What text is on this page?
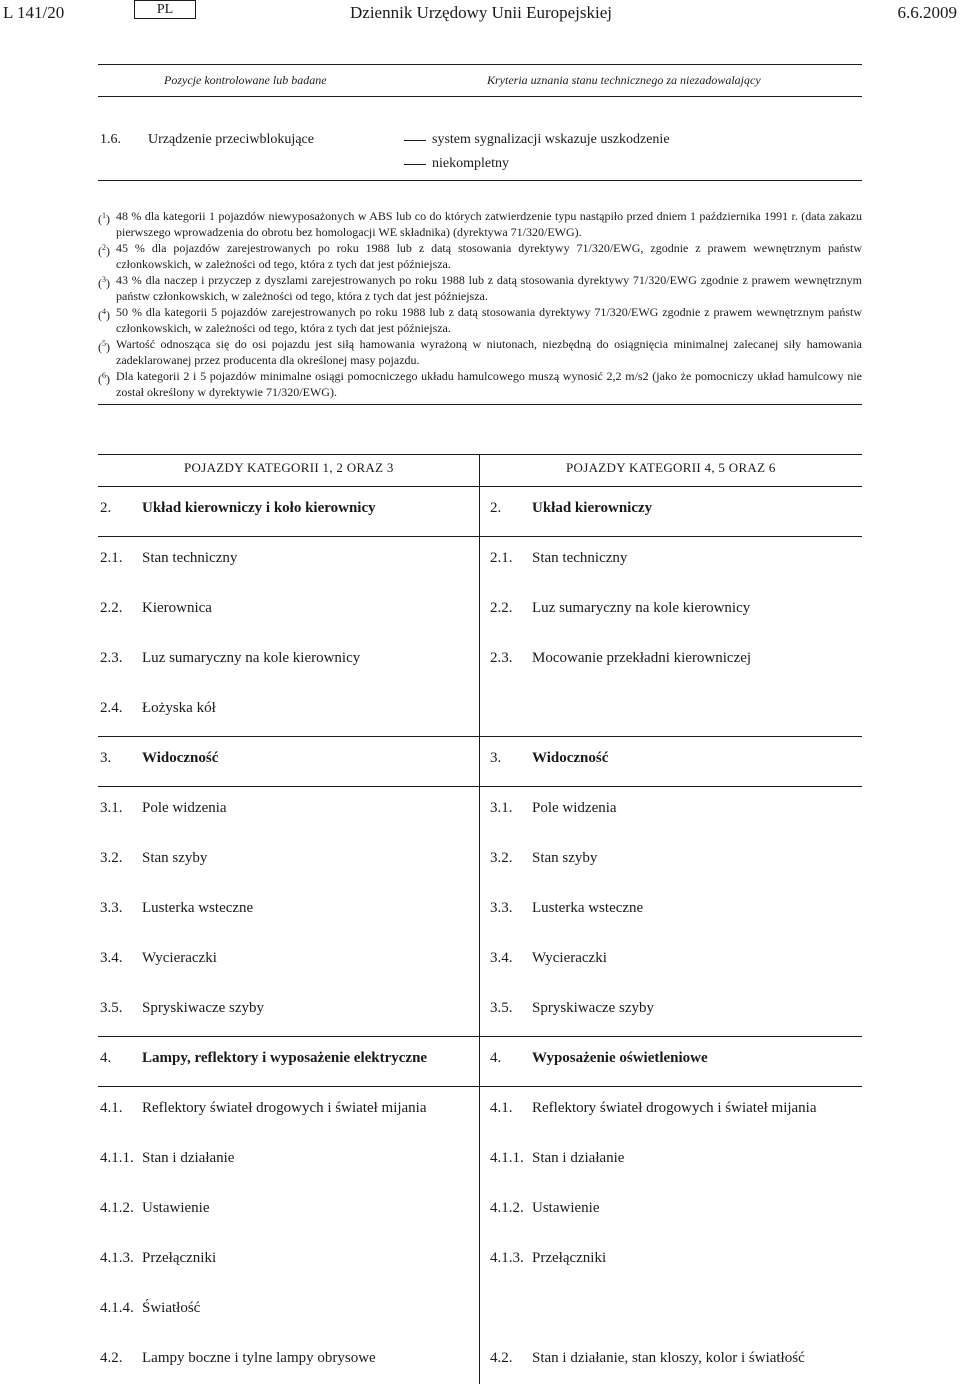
L 141/20	PL	Dziennik Urzędowy Unii Europejskiej	6.6.2009
Pozycje kontrolowane lub badane	Kryteria uznania stanu technicznego za niezadowalający
1.6. Urządzenie przeciwblokujące	system sygnalizacji wskazuje uszkodzenie
niekompletny
($^1$) 48 % dla kategorii 1 pojazdów niewyposażonych w ABS lub co do których zatwierdzenie typu nastąpiło przed dniem 1 października 1991 r. (data zakazu pierwszego wprowadzenia do obrotu bez homologacji WE składnika) (dyrektywa 71/320/EWG).
($^2$) 45 % dla pojazdów zarejestrowanych po roku 1988 lub z datą stosowania dyrektywy 71/320/EWG, zgodnie z prawem wewnętrznym państw członkowskich, w zależności od tego, która z tych dat jest późniejsza.
($^3$) 43 % dla naczep i przyczep z dyszlami zarejestrowanych po roku 1988 lub z datą stosowania dyrektywy 71/320/EWG zgodnie z prawem wewnętrznym państw członkowskich, w zależności od tego, która z tych dat jest późniejsza.
($^4$) 50 % dla kategorii 5 pojazdów zarejestrowanych po roku 1988 lub z datą stosowania dyrektywy 71/320/EWG zgodnie z prawem wewnętrznym państw członkowskich, w zależności od tego, która z tych dat jest późniejsza.
($^5$) Wartość odnosząca się do osi pojazdu jest siłą hamowania wyrażoną w niutonach, niezbędną do osiągnięcia minimalnej zalecanej siły hamowania zadeklarowanej przez producenta dla określonej masy pojazdu.
($^6$) Dla kategorii 2 i 5 pojazdów minimalne osiągi pomocniczego układu hamulcowego muszą wynosić 2,2 m/s2 (jako że pomocniczy układ hamulcowy nie został określony w dyrektywie 71/320/EWG).
POJAZDY KATEGORII 1, 2 ORAZ 3	POJAZDY KATEGORII 4, 5 ORAZ 6
2. Układ kierowniczy i koło kierownicy	2. Układ kierowniczy
2.1. Stan techniczny	2.1. Stan techniczny
2.2. Kierownica	2.2. Luz sumaryczny na kole kierownicy
2.3. Luz sumaryczny na kole kierownicy	2.3. Mocowanie przekładni kierowniczej
2.4. Łożyska kół
3. Widoczność	3. Widoczność
3.1. Pole widzenia	3.1. Pole widzenia
3.2. Stan szyby	3.2. Stan szyby
3.3. Lusterka wsteczne	3.3. Lusterka wsteczne
3.4. Wycieraczki	3.4. Wycieraczki
3.5. Spryskiwacze szyby	3.5. Spryskiwacze szyby
4. Lampy, reflektory i wyposażenie elektryczne	4. Wyposażenie oświetleniowe
4.1. Reflektory świateł drogowych i świateł mijania	4.1. Reflektory świateł drogowych i świateł mijania
4.1.1. Stan i działanie	4.1.1. Stan i działanie
4.1.2. Ustawienie	4.1.2. Ustawienie
4.1.3. Przełączniki	4.1.3. Przełączniki
4.1.4. Światłość
4.2. Lampy boczne i tylne lampy obrysowe	4.2. Stan i działanie, stan kloszy, kolor i światłość
